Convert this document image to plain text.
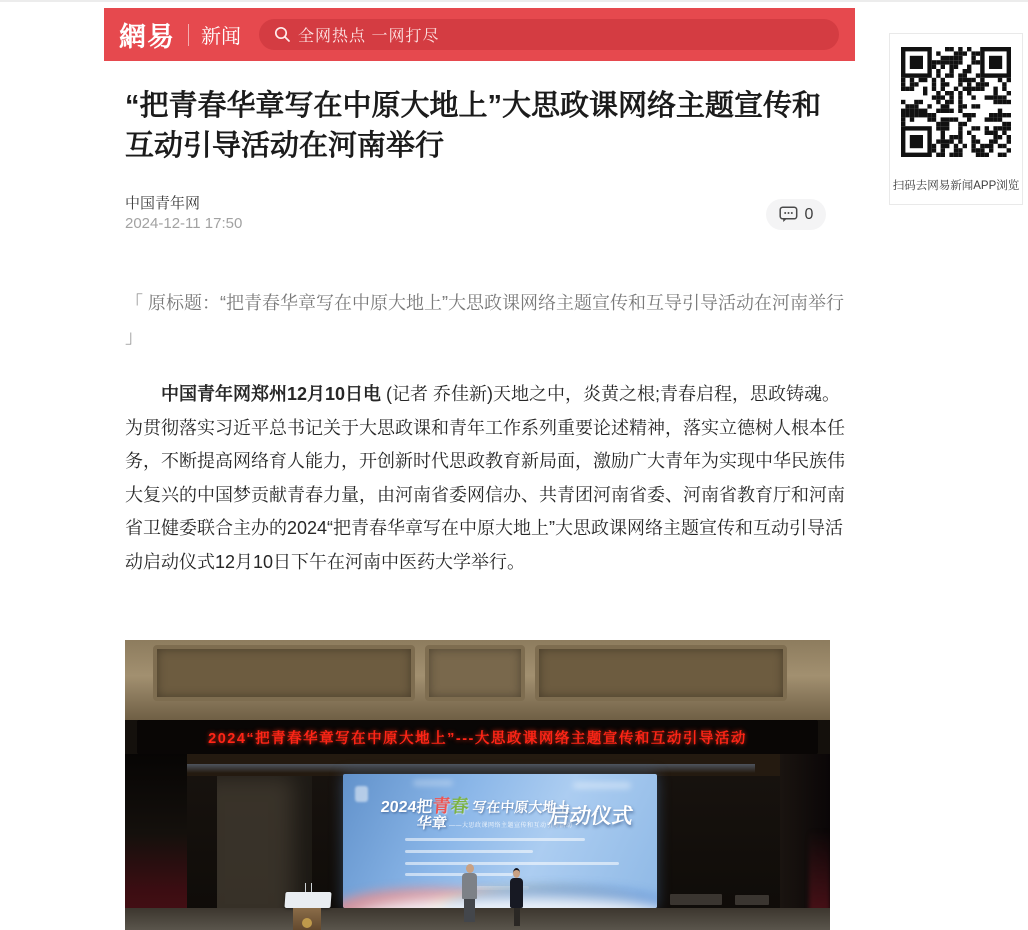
網易 新闻	全网热点 一网打尽
“把青春华章写在中原大地上”大思政课网络主题宣传和互动引导活动在河南举行
中国青年网
2024-12-11 17:50
0
「 原标题：“把青春华章写在中原大地上”大思政课网络主题宣传和互导引导活动在河南举行 」

中国青年网郑州12月10日电 (记者 乔佳新)天地之中，炎黄之根;青春启程，思政铸魂。为贯彻落实习近平总书记关于大思政课和青年工作系列重要论述精神，落实立德树人根本任务，不断提高网络育人能力，开创新时代思政教育新局面，激励广大青年为实现中华民族伟大复兴的中国梦贡献青春力量，由河南省委网信办、共青团河南省委、河南省教育厅和河南省卫健委联合主办的2024“把青春华章写在中原大地上”大思政课网络主题宣传和互动引导活动启动仪式12月10日下午在河南中医药大学举行。

2024“把青春华章写在中原大地上”---大思政课网络主题宣传和互动引导活动
2024把青春 写在中原大地上
华章 ——大思政课网络主题宣传和互动引导活动
启动仪式
扫码去网易新闻APP浏览
